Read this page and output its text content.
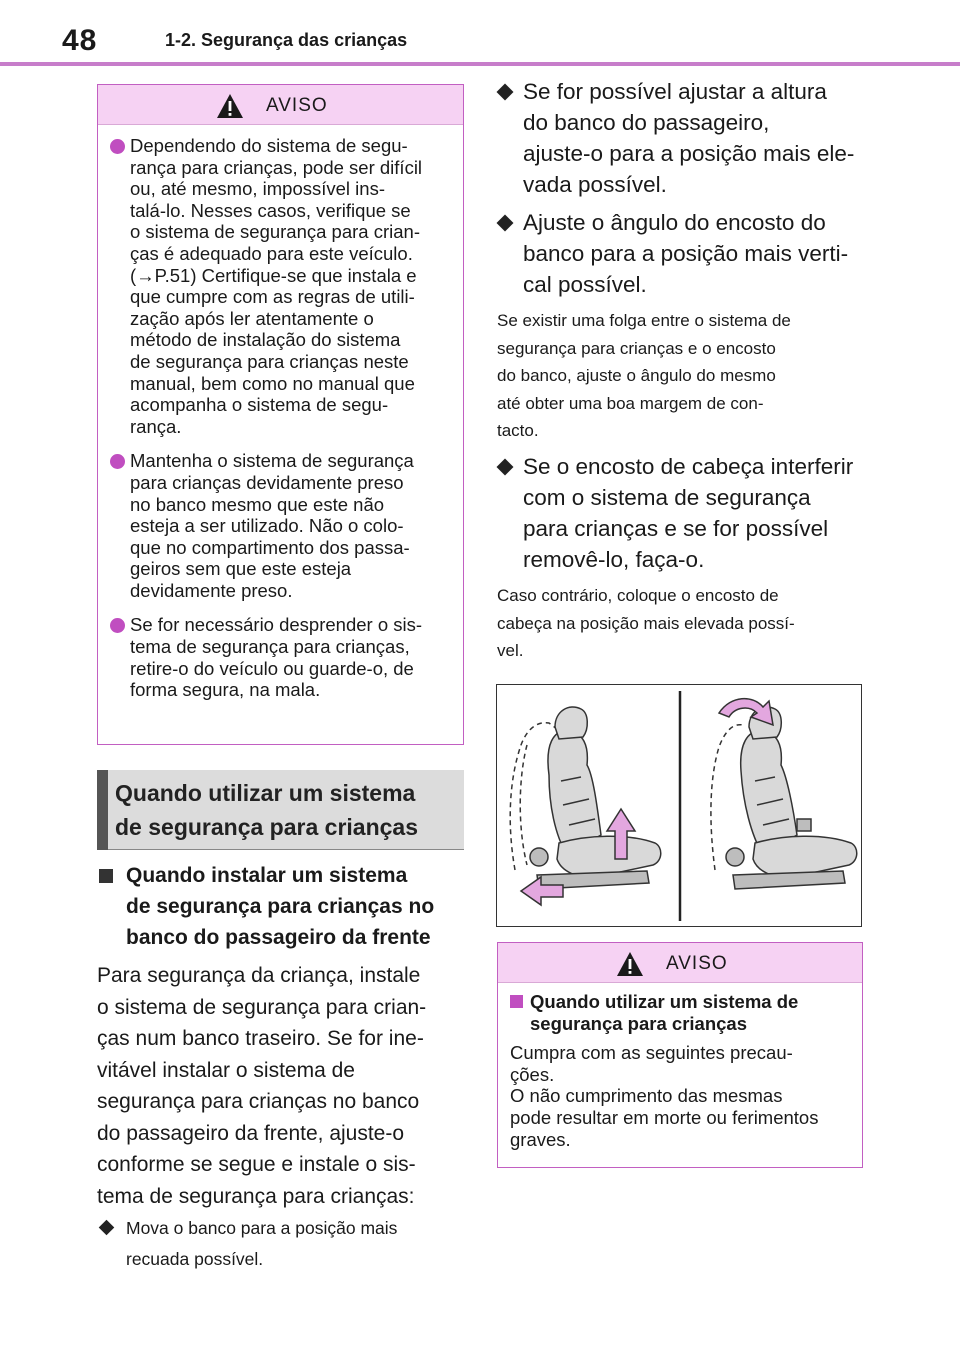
48	1-2. Segurança das crianças
AVISO
Dependendo do sistema de segu-
rança para crianças, pode ser difícil
ou, até mesmo, impossível ins-
talá-lo. Nesses casos, verifique se
o sistema de segurança para crian-
ças é adequado para este veículo.
(→P.51) Certifique-se que instala e
que cumpre com as regras de utili-
zação após ler atentamente o
método de instalação do sistema
de segurança para crianças neste
manual, bem como no manual que
acompanha o sistema de segu-
rança.
Mantenha o sistema de segurança
para crianças devidamente preso
no banco mesmo que este não
esteja a ser utilizado. Não o colo-
que no compartimento dos passa-
geiros sem que este esteja
devidamente preso.
Se for necessário desprender o sis-
tema de segurança para crianças,
retire-o do veículo ou guarde-o, de
forma segura, na mala.
Quando utilizar um sistema
de segurança para crianças
Quando instalar um sistema
de segurança para crianças no
banco do passageiro da frente
Para segurança da criança, instale
o sistema de segurança para crian-
ças num banco traseiro. Se for ine-
vitável instalar o sistema de
segurança para crianças no banco
do passageiro da frente, ajuste-o
conforme se segue e instale o sis-
tema de segurança para crianças:
Mova o banco para a posição mais
recuada possível.
Se for possível ajustar a altura
do banco do passageiro,
ajuste-o para a posição mais ele-
vada possível.
Ajuste o ângulo do encosto do
banco para a posição mais verti-
cal possível.
Se existir uma folga entre o sistema de
segurança para crianças e o encosto
do banco, ajuste o ângulo do mesmo
até obter uma boa margem de con-
tacto.
Se o encosto de cabeça interferir
com o sistema de segurança
para crianças e se for possível
removê-lo, faça-o.
Caso contrário, coloque o encosto de
cabeça na posição mais elevada possí-
vel.
AVISO
Quando utilizar um sistema de
segurança para crianças
Cumpra com as seguintes precau-
ções.
O não cumprimento das mesmas
pode resultar em morte ou ferimentos
graves.
